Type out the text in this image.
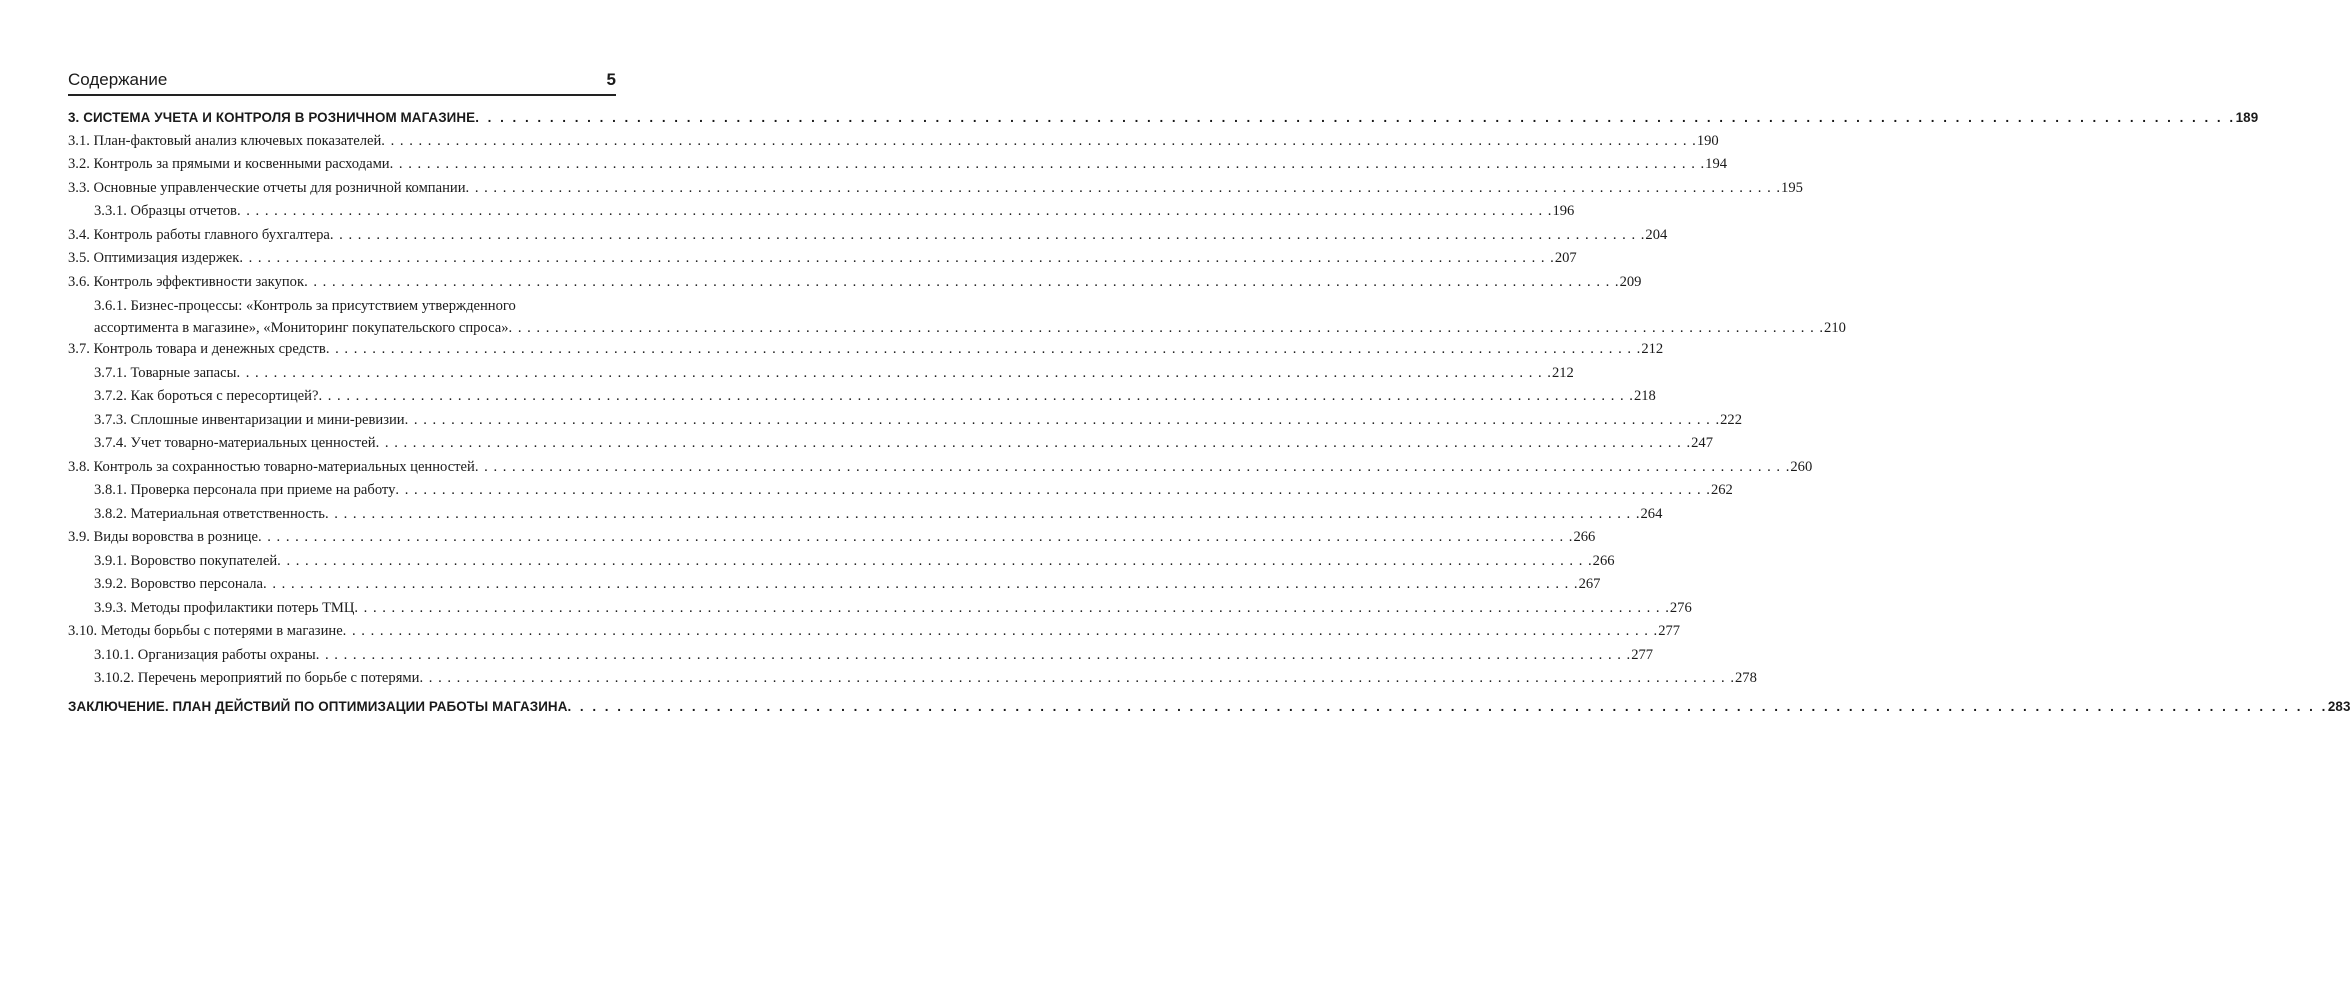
Содержание	5
3. СИСТЕМА УЧЕТА И КОНТРОЛЯ В РОЗНИЧНОМ МАГАЗИНЕ . . .	189
3.1. План-фактовый анализ ключевых показателей . . .	190
3.2. Контроль за прямыми и косвенными расходами . . .	194
3.3. Основные управленческие отчеты для розничной компании . . .	195
3.3.1. Образцы отчетов . . .	196
3.4. Контроль работы главного бухгалтера . . .	204
3.5. Оптимизация издержек . . .	207
3.6. Контроль эффективности закупок . . .	209
3.6.1. Бизнес-процессы: «Контроль за присутствием утвержденного
ассортимента в магазине», «Мониторинг покупательского спроса» . . .	210
3.7. Контроль товара и денежных средств . . .	212
3.7.1. Товарные запасы . . .	212
3.7.2. Как бороться с пересортицей? . . .	218
3.7.3. Сплошные инвентаризации и мини-ревизии . . .	222
3.7.4. Учет товарно-материальных ценностей . . .	247
3.8. Контроль за сохранностью товарно-материальных ценностей . . .	260
3.8.1. Проверка персонала при приеме на работу . . .	262
3.8.2. Материальная ответственность . . .	264
3.9. Виды воровства в рознице . . .	266
3.9.1. Воровство покупателей . . .	266
3.9.2. Воровство персонала . . .	267
3.9.3. Методы профилактики потерь ТМЦ . . .	276
3.10. Методы борьбы с потерями в магазине . . .	277
3.10.1. Организация работы охраны . . .	277
3.10.2. Перечень мероприятий по борьбе с потерями . . .	278
ЗАКЛЮЧЕНИЕ. ПЛАН ДЕЙСТВИЙ ПО ОПТИМИЗАЦИИ РАБОТЫ МАГАЗИНА . . .	283
